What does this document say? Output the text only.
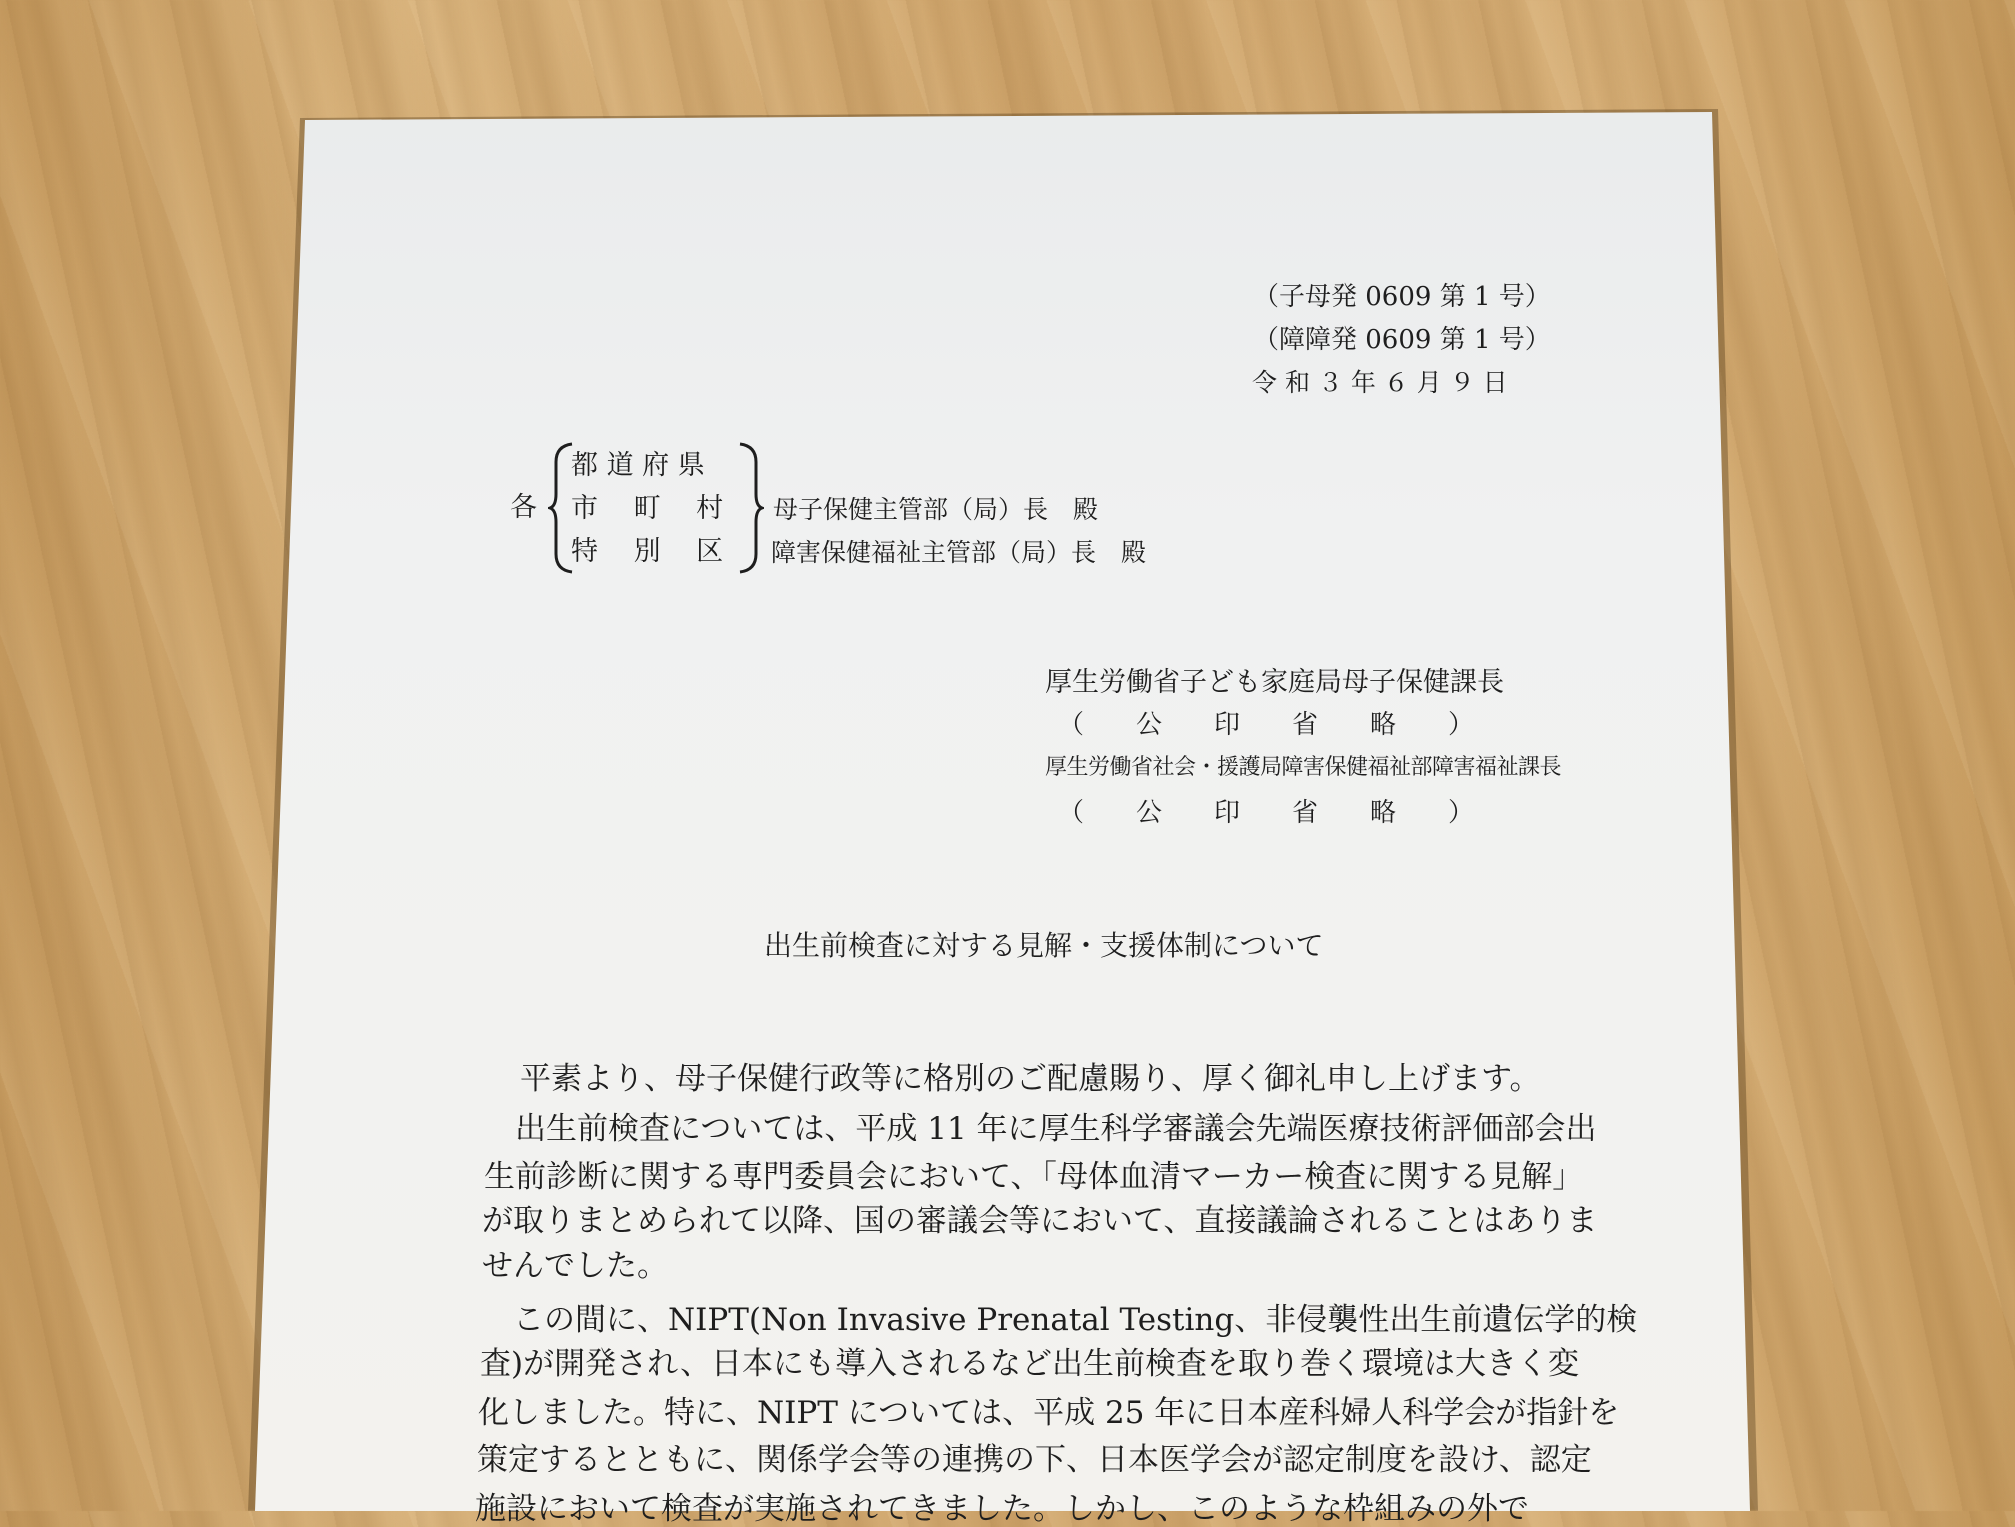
（子母発 0609 第 1 号）
（障障発 0609 第 1 号）
令 和 ３ 年 ６ 月 ９ 日
各
都 道 府 県
市　 町　 村
特　 別　 区
母子保健主管部（局）長　殿
障害保健福祉主管部（局）長　殿
厚生労働省子ども家庭局母子保健課長
（　　公　　印　　省　　略　　）
厚生労働省社会・援護局障害保健福祉部障害福祉課長
（　　公　　印　　省　　略　　）
出生前検査に対する見解・支援体制について
平素より、母子保健行政等に格別のご配慮賜り、厚く御礼申し上げます。
出生前検査については、平成 11 年に厚生科学審議会先端医療技術評価部会出
生前診断に関する専門委員会において、「母体血清マーカー検査に関する見解」
が取りまとめられて以降、国の審議会等において、直接議論されることはありま
せんでした。
この間に、NIPT(Non Invasive Prenatal Testing、非侵襲性出生前遺伝学的検
査)が開発され、日本にも導入されるなど出生前検査を取り巻く環境は大きく変
化しました。特に、NIPT については、平成 25 年に日本産科婦人科学会が指針を
策定するとともに、関係学会等の連携の下、日本医学会が認定制度を設け、認定
施設において検査が実施されてきました。しかし、このような枠組みの外で
